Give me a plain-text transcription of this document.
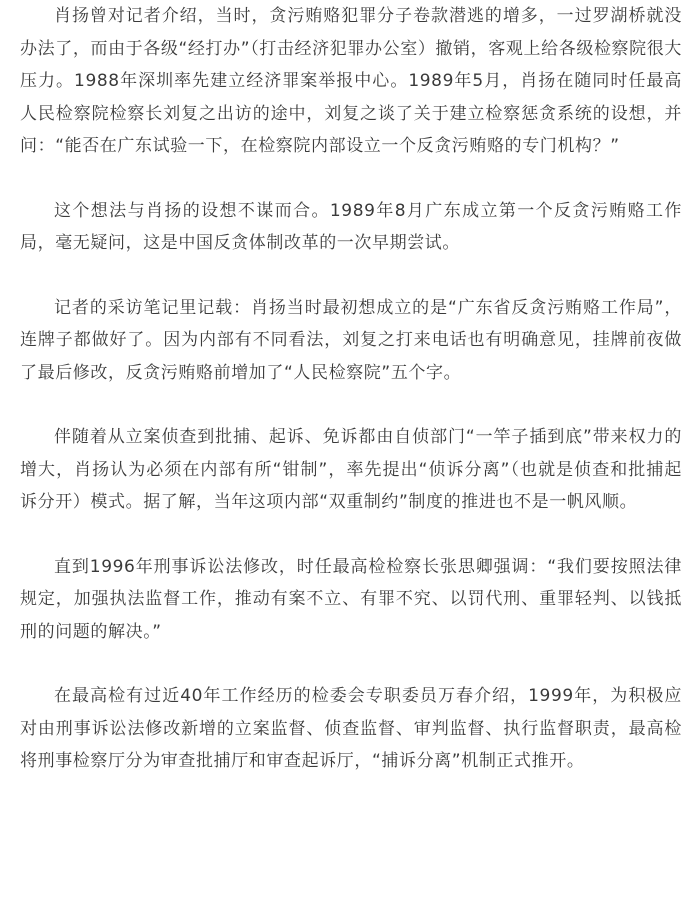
肖扬曾对记者介绍，当时，贪污贿赂犯罪分子卷款潜逃的增多，一过罗湖桥就没办法了，而由于各级“经打办”（打击经济犯罪办公室）撤销，客观上给各级检察院很大压力。1988年深圳率先建立经济罪案举报中心。1989年5月，肖扬在随同时任最高人民检察院检察长刘复之出访的途中，刘复之谈了关于建立检察惩贪系统的设想，并问：“能否在广东试验一下，在检察院内部设立一个反贪污贿赂的专门机构？”

这个想法与肖扬的设想不谋而合。1989年8月广东成立第一个反贪污贿赂工作局，毫无疑问，这是中国反贪体制改革的一次早期尝试。

记者的采访笔记里记载：肖扬当时最初想成立的是“广东省反贪污贿赂工作局”，连牌子都做好了。因为内部有不同看法，刘复之打来电话也有明确意见，挂牌前夜做了最后修改，反贪污贿赂前增加了“人民检察院”五个字。

伴随着从立案侦查到批捕、起诉、免诉都由自侦部门“一竿子插到底”带来权力的增大，肖扬认为必须在内部有所“钳制”，率先提出“侦诉分离”（也就是侦查和批捕起诉分开）模式。据了解，当年这项内部“双重制约”制度的推进也不是一帆风顺。

直到1996年刑事诉讼法修改，时任最高检检察长张思卿强调：“我们要按照法律规定，加强执法监督工作，推动有案不立、有罪不究、以罚代刑、重罪轻判、以钱抵刑的问题的解决。”

在最高检有过近40年工作经历的检委会专职委员万春介绍，1999年，为积极应对由刑事诉讼法修改新增的立案监督、侦查监督、审判监督、执行监督职责，最高检将刑事检察厅分为审查批捕厅和审查起诉厅，“捕诉分离”机制正式推开。
